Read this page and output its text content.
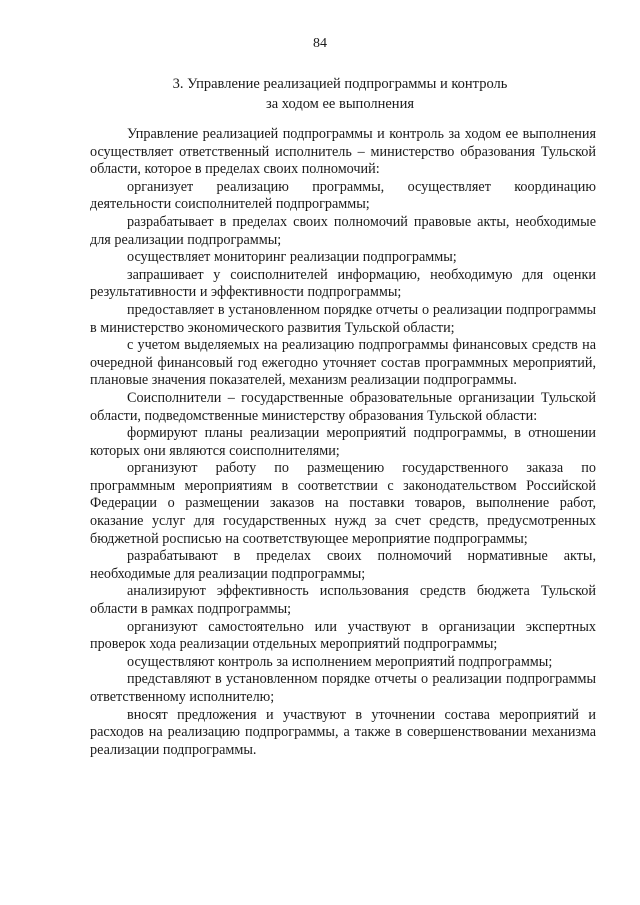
84
3. Управление реализацией подпрограммы и контроль
за ходом ее выполнения

Управление реализацией подпрограммы и контроль за ходом ее выполнения осуществляет ответственный исполнитель – министерство образования Тульской области, которое в пределах своих полномочий:

организует реализацию программы, осуществляет координацию деятельности соисполнителей подпрограммы;

разрабатывает в пределах своих полномочий правовые акты, необходимые для реализации подпрограммы;

осуществляет мониторинг реализации подпрограммы;

запрашивает у соисполнителей информацию, необходимую для оценки результативности и эффективности подпрограммы;

предоставляет в установленном порядке отчеты о реализации подпрограммы в министерство экономического развития Тульской области;

с учетом выделяемых на реализацию подпрограммы финансовых средств на очередной финансовый год ежегодно уточняет состав программных мероприятий, плановые значения показателей, механизм реализации подпрограммы.

Соисполнители – государственные образовательные организации Тульской области, подведомственные министерству образования Тульской области:

формируют планы реализации мероприятий подпрограммы, в отношении которых они являются соисполнителями;

организуют работу по размещению государственного заказа по программным мероприятиям в соответствии с законодательством Российской Федерации о размещении заказов на поставки товаров, выполнение работ, оказание услуг для государственных нужд за счет средств, предусмотренных бюджетной росписью на соответствующее мероприятие подпрограммы;

разрабатывают в пределах своих полномочий нормативные акты, необходимые для реализации подпрограммы;

анализируют эффективность использования средств бюджета Тульской области в рамках подпрограммы;

организуют самостоятельно или участвуют в организации экспертных проверок хода реализации отдельных мероприятий подпрограммы;

осуществляют контроль за исполнением мероприятий подпрограммы;

представляют в установленном порядке отчеты о реализации подпрограммы ответственному исполнителю;

вносят предложения и участвуют в уточнении состава мероприятий и расходов на реализацию подпрограммы, а также в совершенствовании механизма реализации подпрограммы.
